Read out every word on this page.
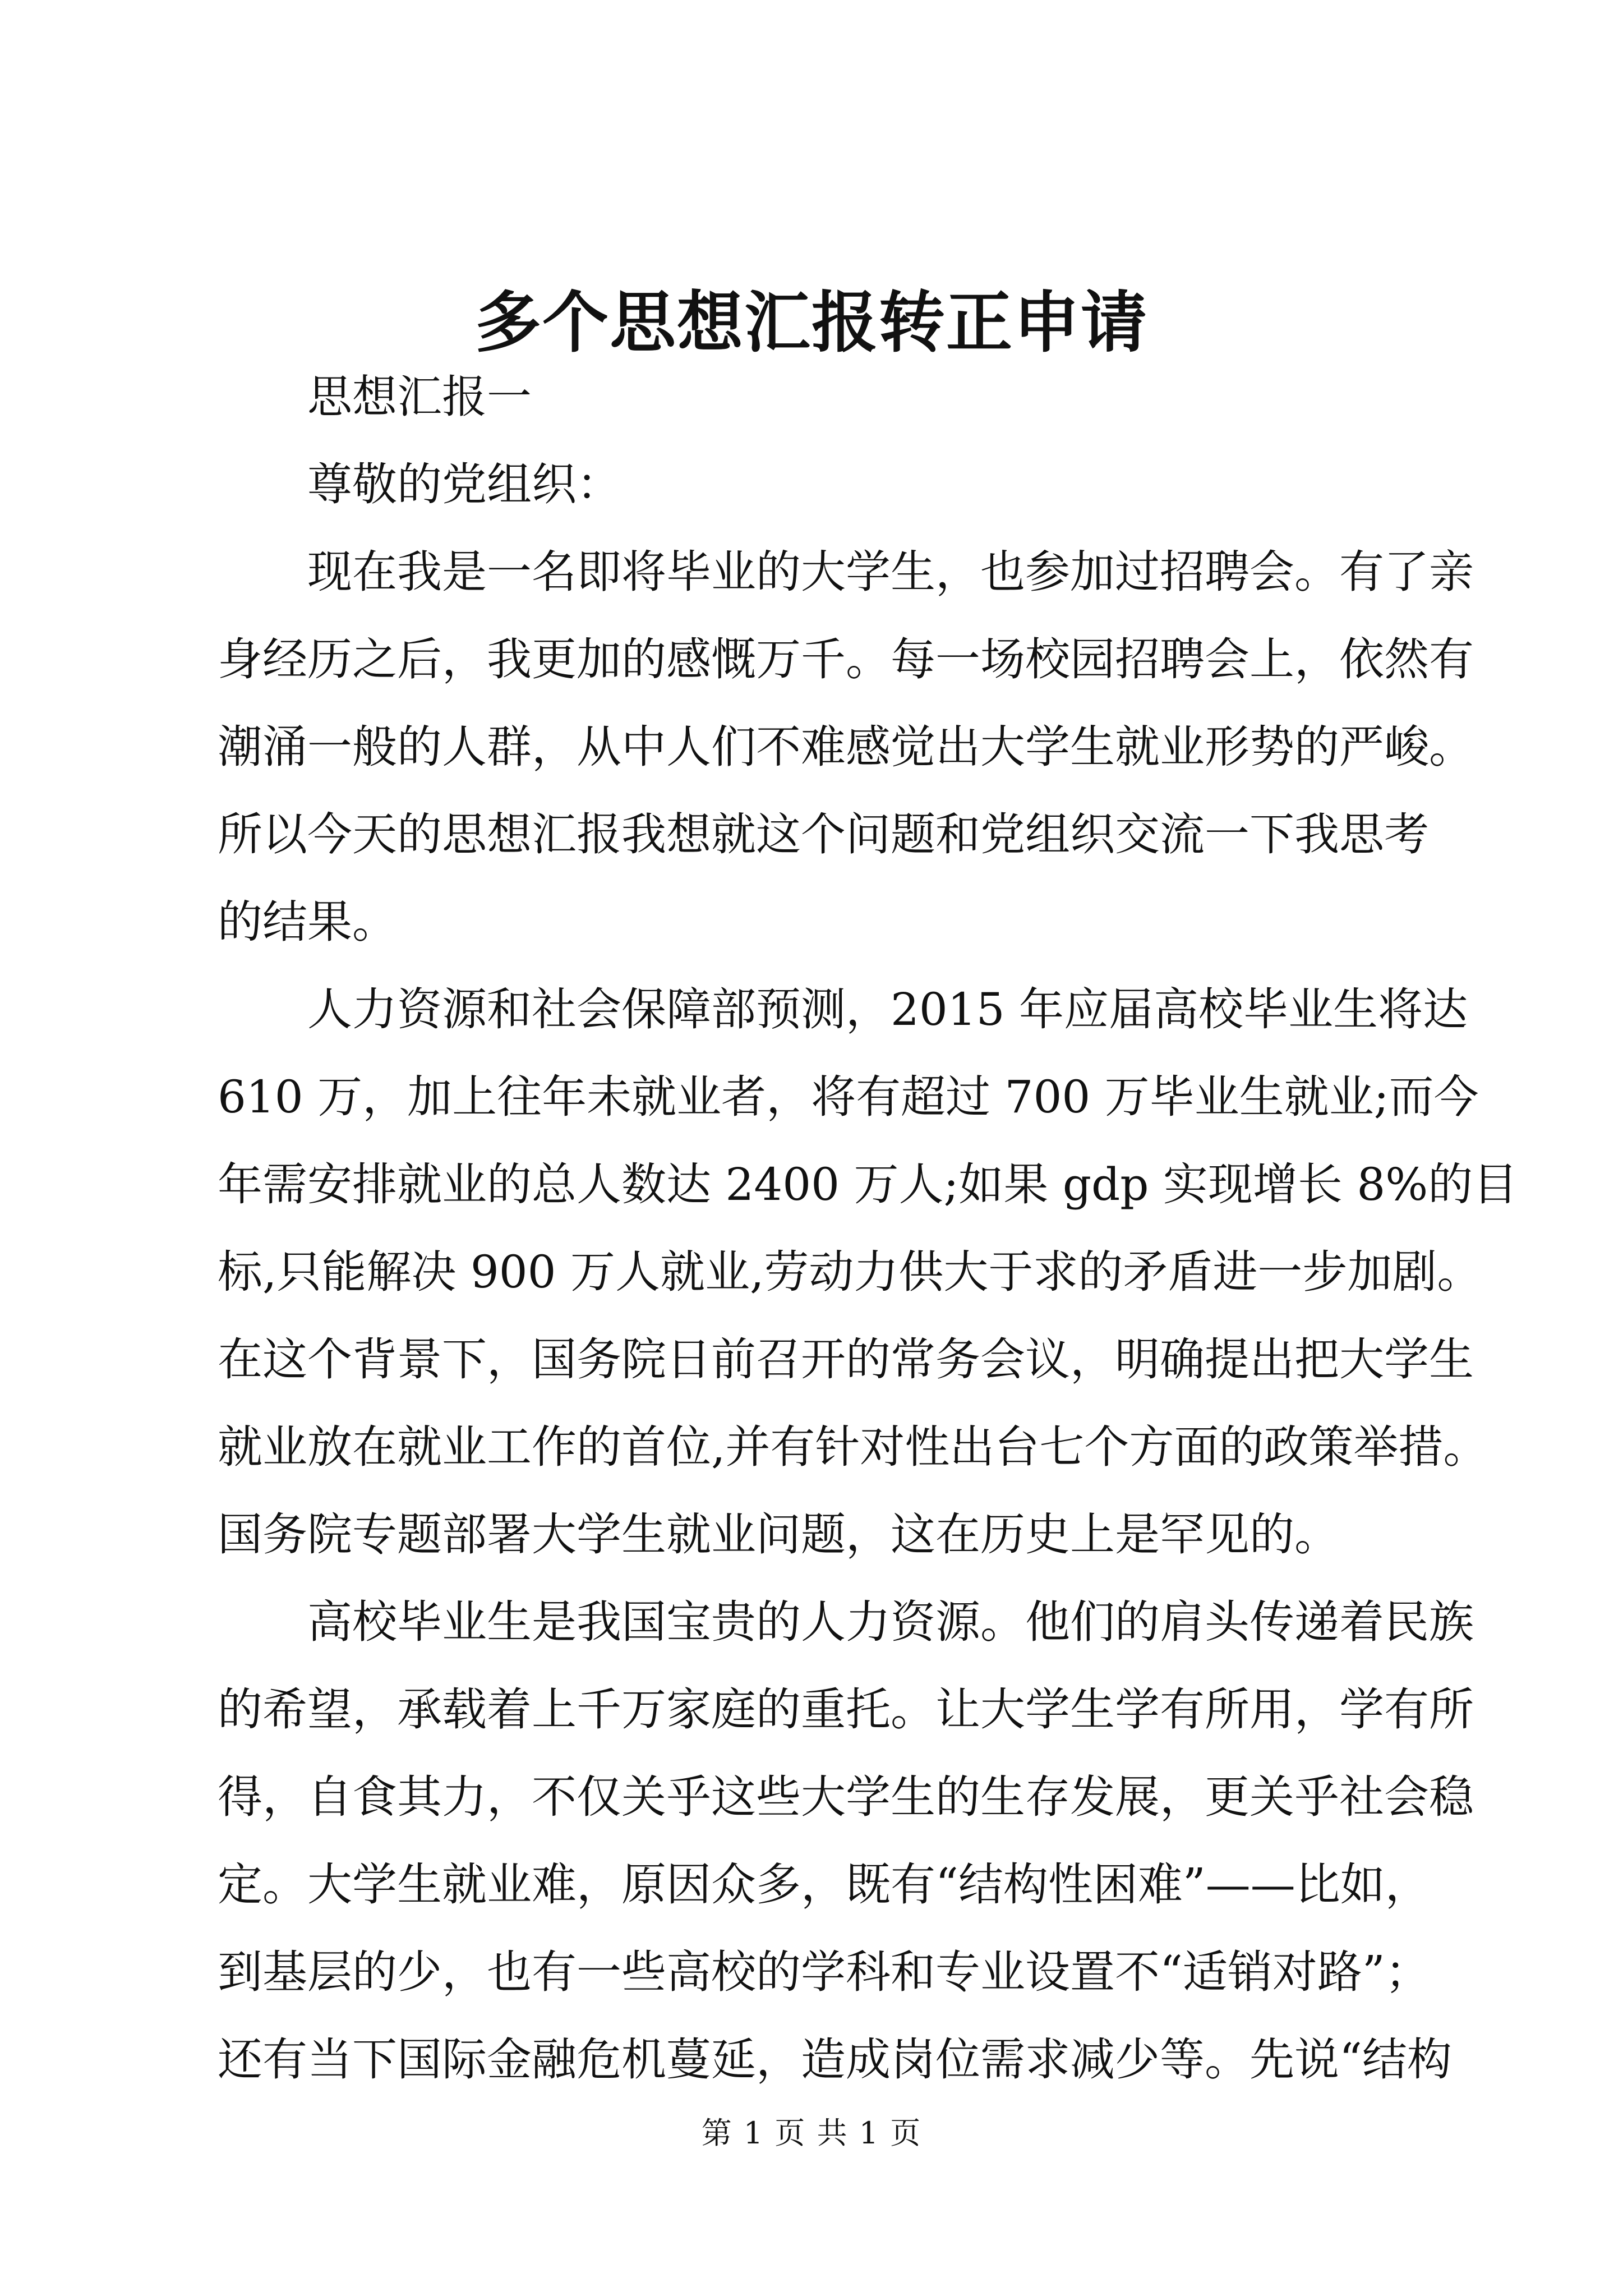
多个思想汇报转正申请
思想汇报一
尊敬的党组织：
现在我是一名即将毕业的大学生，也参加过招聘会。有了亲
身经历之后，我更加的感慨万千。每一场校园招聘会上，依然有
潮涌一般的人群，从中人们不难感觉出大学生就业形势的严峻。
所以今天的思想汇报我想就这个问题和党组织交流一下我思考
的结果。
人力资源和社会保障部预测，2015 年应届高校毕业生将达
610 万，加上往年未就业者，将有超过 700 万毕业生就业;而今
年需安排就业的总人数达 2400 万人;如果 gdp 实现增长 8%的目
标,只能解决 900 万人就业,劳动力供大于求的矛盾进一步加剧。
在这个背景下，国务院日前召开的常务会议，明确提出把大学生
就业放在就业工作的首位,并有针对性出台七个方面的政策举措。
国务院专题部署大学生就业问题，这在历史上是罕见的。
高校毕业生是我国宝贵的人力资源。他们的肩头传递着民族
的希望，承载着上千万家庭的重托。让大学生学有所用，学有所
得，自食其力，不仅关乎这些大学生的生存发展，更关乎社会稳
定。大学生就业难，原因众多，既有“结构性困难”——比如，
到基层的少，也有一些高校的学科和专业设置不“适销对路”；
还有当下国际金融危机蔓延，造成岗位需求减少等。先说“结构
第 1 页 共 1 页
